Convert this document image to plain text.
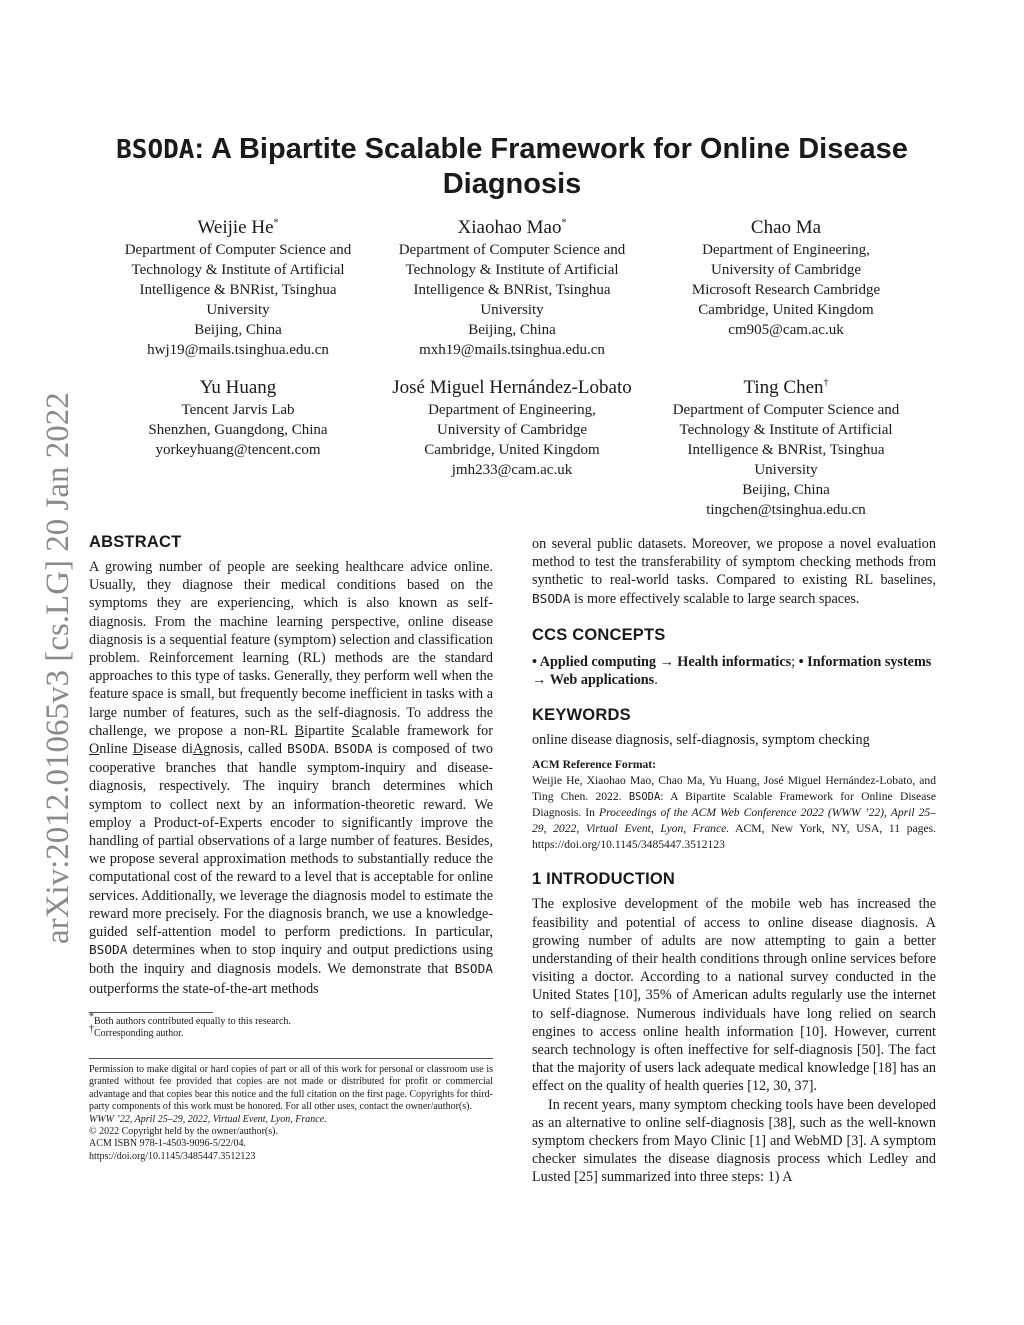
arXiv:2012.01065v3 [cs.LG] 20 Jan 2022
BSODA: A Bipartite Scalable Framework for Online Disease
Diagnosis
Weijie He*
Department of Computer Science and
Technology & Institute of Artificial
Intelligence & BNRist, Tsinghua
University
Beijing, China
hwj19@mails.tsinghua.edu.cn
Xiaohao Mao*
Department of Computer Science and
Technology & Institute of Artificial
Intelligence & BNRist, Tsinghua
University
Beijing, China
mxh19@mails.tsinghua.edu.cn
Chao Ma
Department of Engineering,
University of Cambridge
Microsoft Research Cambridge
Cambridge, United Kingdom
cm905@cam.ac.uk
Yu Huang
Tencent Jarvis Lab
Shenzhen, Guangdong, China
yorkeyhuang@tencent.com
José Miguel Hernández-Lobato
Department of Engineering,
University of Cambridge
Cambridge, United Kingdom
jmh233@cam.ac.uk
Ting Chen†
Department of Computer Science and
Technology & Institute of Artificial
Intelligence & BNRist, Tsinghua
University
Beijing, China
tingchen@tsinghua.edu.cn
ABSTRACT

A growing number of people are seeking healthcare advice online. Usually, they diagnose their medical conditions based on the symptoms they are experiencing, which is also known as self-diagnosis. From the machine learning perspective, online disease diagnosis is a sequential feature (symptom) selection and classification problem. Reinforcement learning (RL) methods are the standard approaches to this type of tasks. Generally, they perform well when the feature space is small, but frequently become inefficient in tasks with a large number of features, such as the self-diagnosis. To address the challenge, we propose a non-RL Bipartite Scalable framework for Online Disease diAgnosis, called BSODA. BSODA is composed of two cooperative branches that handle symptom-inquiry and disease-diagnosis, respectively. The inquiry branch determines which symptom to collect next by an information-theoretic reward. We employ a Product-of-Experts encoder to significantly improve the handling of partial observations of a large number of features. Besides, we propose several approximation methods to substantially reduce the computational cost of the reward to a level that is acceptable for online services. Additionally, we leverage the diagnosis model to estimate the reward more precisely. For the diagnosis branch, we use a knowledge-guided self-attention model to perform predictions. In particular, BSODA determines when to stop inquiry and output predictions using both the inquiry and diagnosis models. We demonstrate that BSODA outperforms the state-of-the-art methods

*Both authors contributed equally to this research.

†Corresponding author.

Permission to make digital or hard copies of part or all of this work for personal or classroom use is granted without fee provided that copies are not made or distributed for profit or commercial advantage and that copies bear this notice and the full citation on the first page. Copyrights for third-party components of this work must be honored. For all other uses, contact the owner/author(s).

WWW ’22, April 25–29, 2022, Virtual Event, Lyon, France.

© 2022 Copyright held by the owner/author(s).

ACM ISBN 978-1-4503-9096-5/22/04.

https://doi.org/10.1145/3485447.3512123

on several public datasets. Moreover, we propose a novel evaluation method to test the transferability of symptom checking methods from synthetic to real-world tasks. Compared to existing RL baselines, BSODA is more effectively scalable to large search spaces.

CCS CONCEPTS

• Applied computing → Health informatics; • Information systems → Web applications.

KEYWORDS

online disease diagnosis, self-diagnosis, symptom checking

ACM Reference Format:

Weijie He, Xiaohao Mao, Chao Ma, Yu Huang, José Miguel Hernández-Lobato, and Ting Chen. 2022. BSODA: A Bipartite Scalable Framework for Online Disease Diagnosis. In Proceedings of the ACM Web Conference 2022 (WWW ’22), April 25–29, 2022, Virtual Event, Lyon, France. ACM, New York, NY, USA, 11 pages. https://doi.org/10.1145/3485447.3512123

1 INTRODUCTION

The explosive development of the mobile web has increased the feasibility and potential of access to online disease diagnosis. A growing number of adults are now attempting to gain a better understanding of their health conditions through online services before visiting a doctor. According to a national survey conducted in the United States [10], 35% of American adults regularly use the internet to self-diagnose. Numerous individuals have long relied on search engines to access online health information [10]. However, current search technology is often ineffective for self-diagnosis [50]. The fact that the majority of users lack adequate medical knowledge [18] has an effect on the quality of health queries [12, 30, 37].

In recent years, many symptom checking tools have been developed as an alternative to online self-diagnosis [38], such as the well-known symptom checkers from Mayo Clinic [1] and WebMD [3]. A symptom checker simulates the disease diagnosis process which Ledley and Lusted [25] summarized into three steps: 1) A
